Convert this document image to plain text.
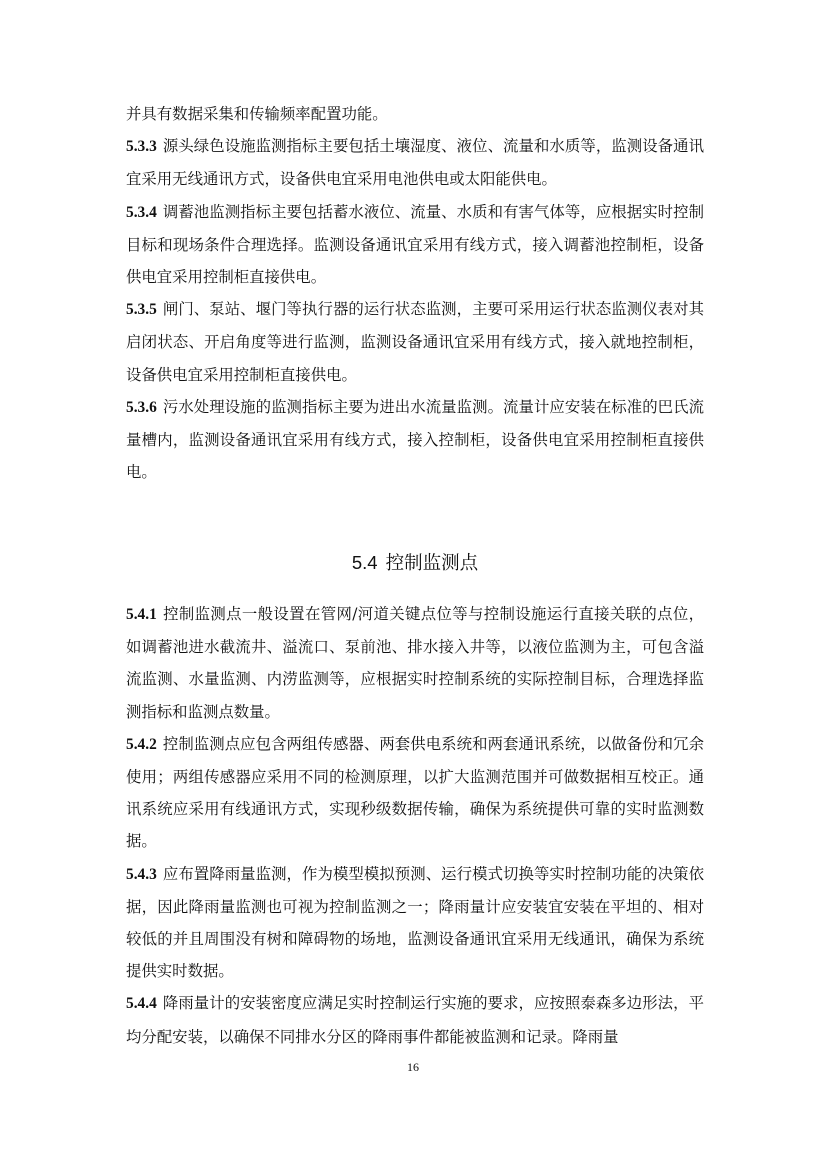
并具有数据采集和传输频率配置功能。

5.3.3 源头绿色设施监测指标主要包括土壤湿度、液位、流量和水质等，监测设备通讯宜采用无线通讯方式，设备供电宜采用电池供电或太阳能供电。

5.3.4 调蓄池监测指标主要包括蓄水液位、流量、水质和有害气体等，应根据实时控制目标和现场条件合理选择。监测设备通讯宜采用有线方式，接入调蓄池控制柜，设备供电宜采用控制柜直接供电。

5.3.5 闸门、泵站、堰门等执行器的运行状态监测，主要可采用运行状态监测仪表对其启闭状态、开启角度等进行监测，监测设备通讯宜采用有线方式，接入就地控制柜，设备供电宜采用控制柜直接供电。

5.3.6 污水处理设施的监测指标主要为进出水流量监测。流量计应安装在标准的巴氏流量槽内，监测设备通讯宜采用有线方式，接入控制柜，设备供电宜采用控制柜直接供电。

5.4 控制监测点

5.4.1 控制监测点一般设置在管网/河道关键点位等与控制设施运行直接关联的点位，如调蓄池进水截流井、溢流口、泵前池、排水接入井等，以液位监测为主，可包含溢流监测、水量监测、内涝监测等，应根据实时控制系统的实际控制目标，合理选择监测指标和监测点数量。

5.4.2 控制监测点应包含两组传感器、两套供电系统和两套通讯系统，以做备份和冗余使用；两组传感器应采用不同的检测原理，以扩大监测范围并可做数据相互校正。通讯系统应采用有线通讯方式，实现秒级数据传输，确保为系统提供可靠的实时监测数据。

5.4.3 应布置降雨量监测，作为模型模拟预测、运行模式切换等实时控制功能的决策依据，因此降雨量监测也可视为控制监测之一；降雨量计应安装宜安装在平坦的、相对较低的并且周围没有树和障碍物的场地，监测设备通讯宜采用无线通讯，确保为系统提供实时数据。

5.4.4 降雨量计的安装密度应满足实时控制运行实施的要求，应按照泰森多边形法，平均分配安装，以确保不同排水分区的降雨事件都能被监测和记录。降雨量

16
